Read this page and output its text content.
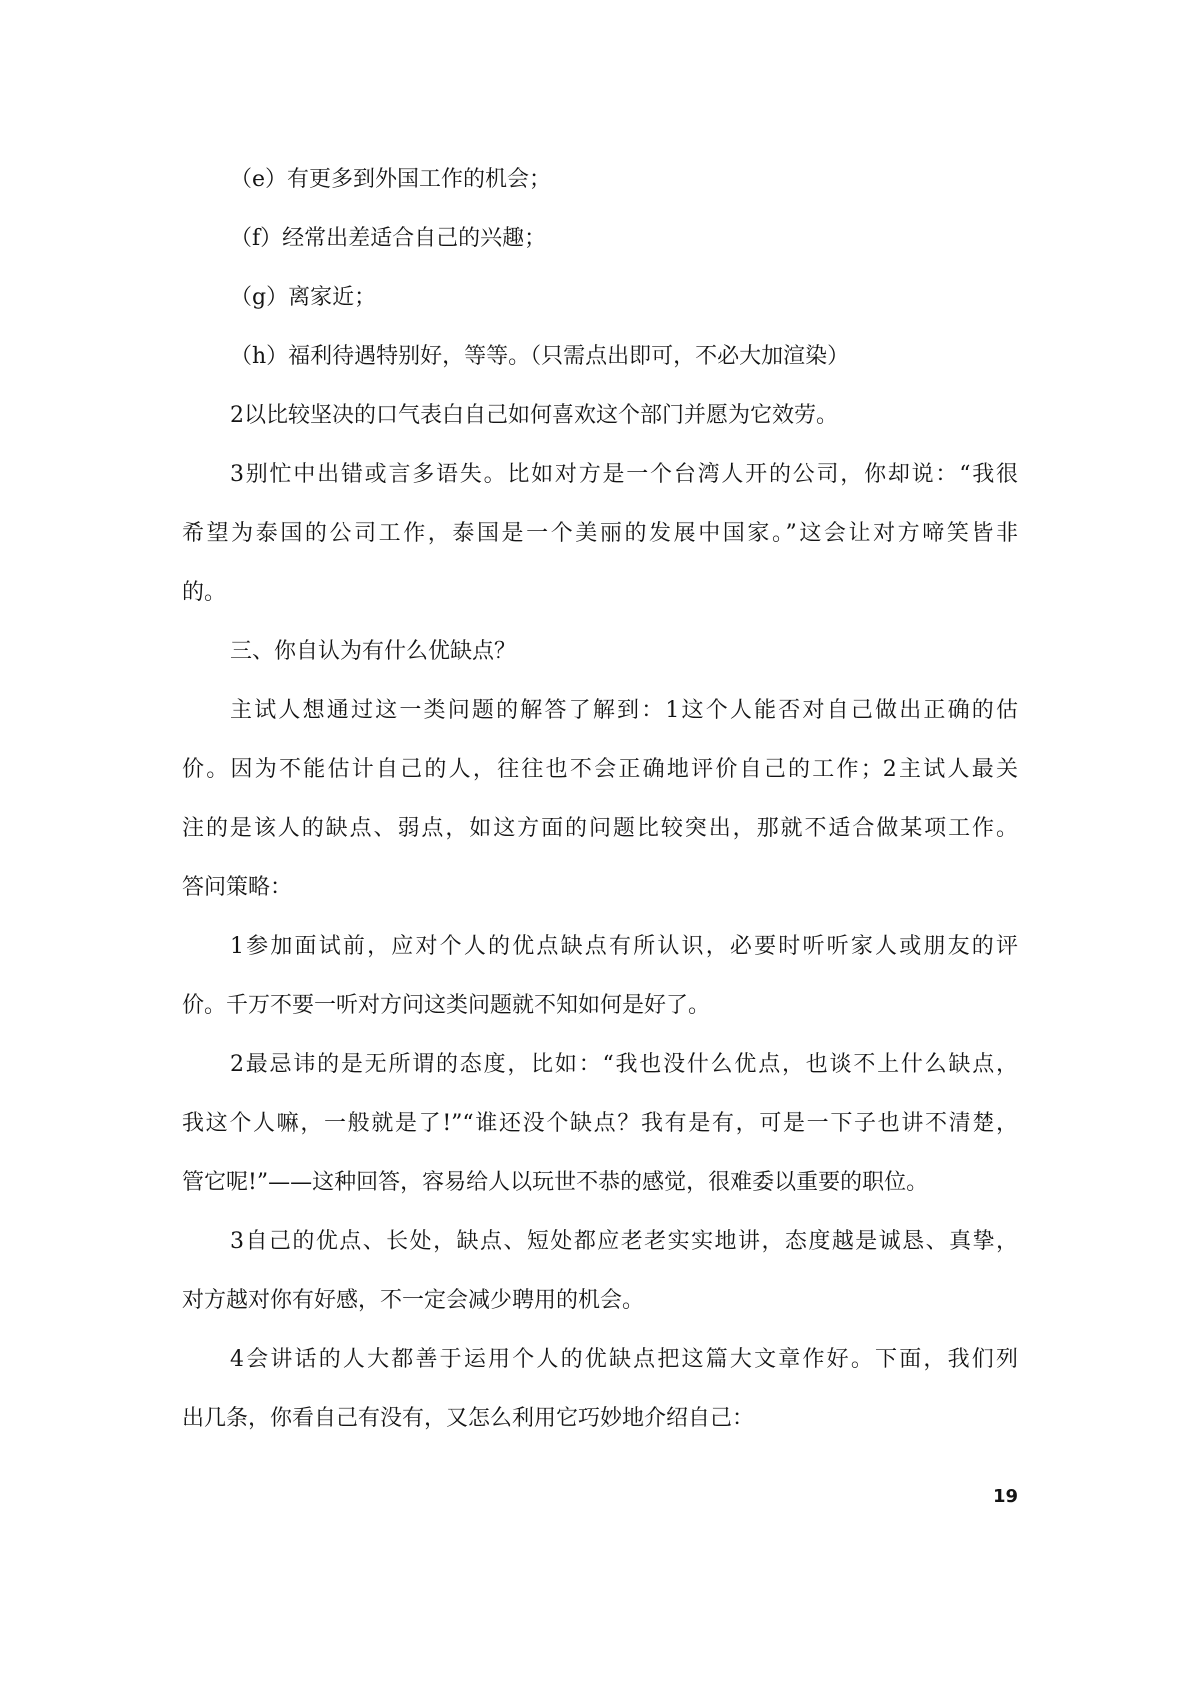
（e）有更多到外国工作的机会；
（f）经常出差适合自己的兴趣；
（g）离家近；
（h）福利待遇特别好，等等。（只需点出即可，不必大加渲染）
2以比较坚决的口气表白自己如何喜欢这个部门并愿为它效劳。
3别忙中出错或言多语失。比如对方是一个台湾人开的公司，你却说：“我很
希望为泰国的公司工作，泰国是一个美丽的发展中国家。”这会让对方啼笑皆非
的。
三、你自认为有什么优缺点？
主试人想通过这一类问题的解答了解到：1这个人能否对自己做出正确的估
价。因为不能估计自己的人，往往也不会正确地评价自己的工作；2主试人最关
注的是该人的缺点、弱点，如这方面的问题比较突出，那就不适合做某项工作。
答问策略：
1参加面试前，应对个人的优点缺点有所认识，必要时听听家人或朋友的评
价。千万不要一听对方问这类问题就不知如何是好了。
2最忌讳的是无所谓的态度，比如：“我也没什么优点，也谈不上什么缺点，
我这个人嘛，一般就是了!”“谁还没个缺点？我有是有，可是一下子也讲不清楚，
管它呢!”——这种回答，容易给人以玩世不恭的感觉，很难委以重要的职位。
3自己的优点、长处，缺点、短处都应老老实实地讲，态度越是诚恳、真挚，
对方越对你有好感，不一定会减少聘用的机会。
4会讲话的人大都善于运用个人的优缺点把这篇大文章作好。下面，我们列
出几条，你看自己有没有，又怎么利用它巧妙地介绍自己：
19
